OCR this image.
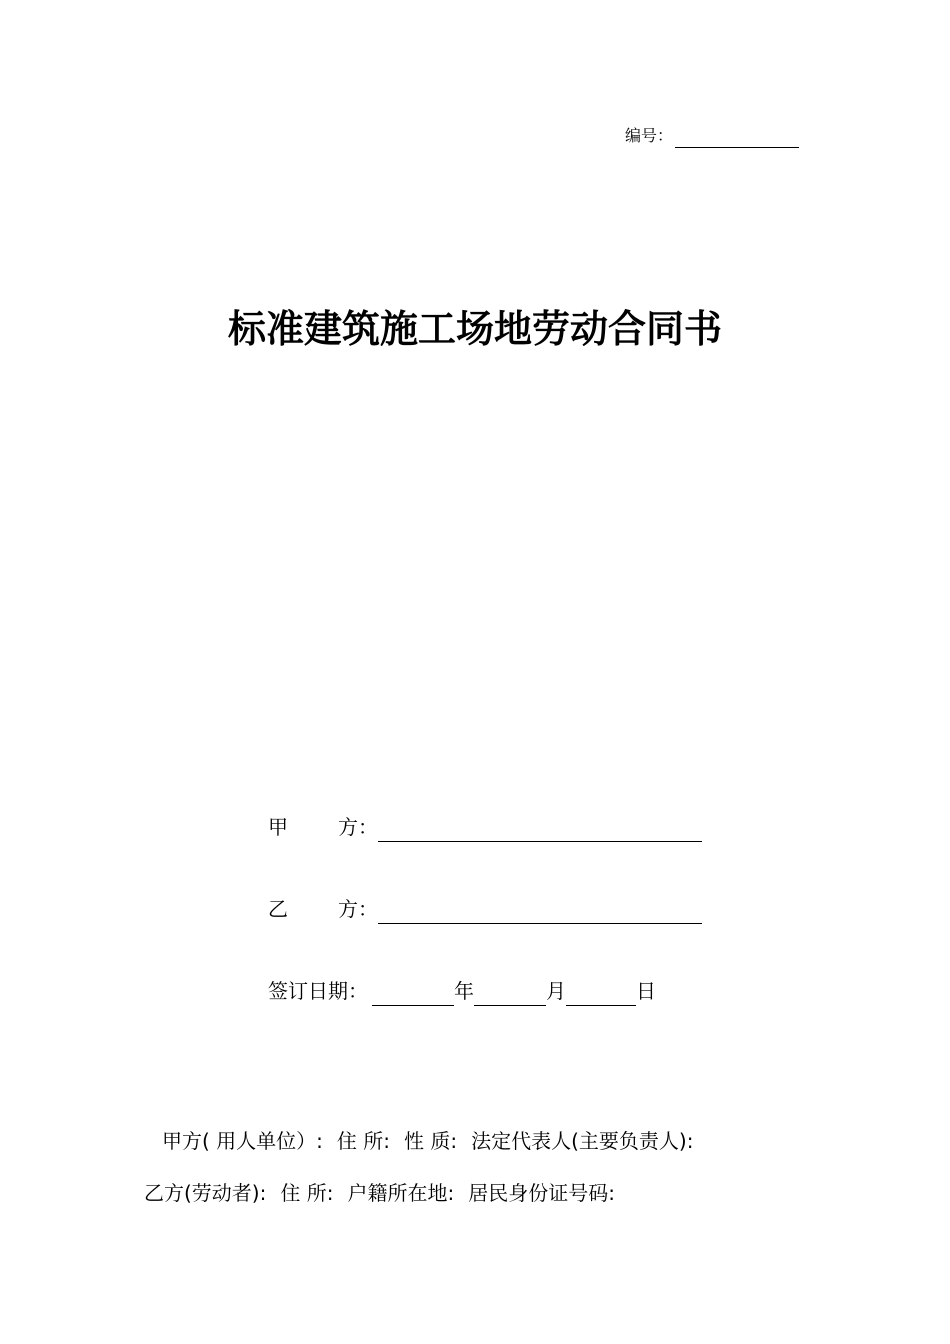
编号：
标准建筑施工场地劳动合同书
甲	方 ：
乙	方 ：
签订日期：	年	月	日
甲方( 用人单位）: 住 所: 性 质: 法定代表人(主要负责人):
乙方(劳动者): 住 所: 户籍所在地: 居民身份证号码:
